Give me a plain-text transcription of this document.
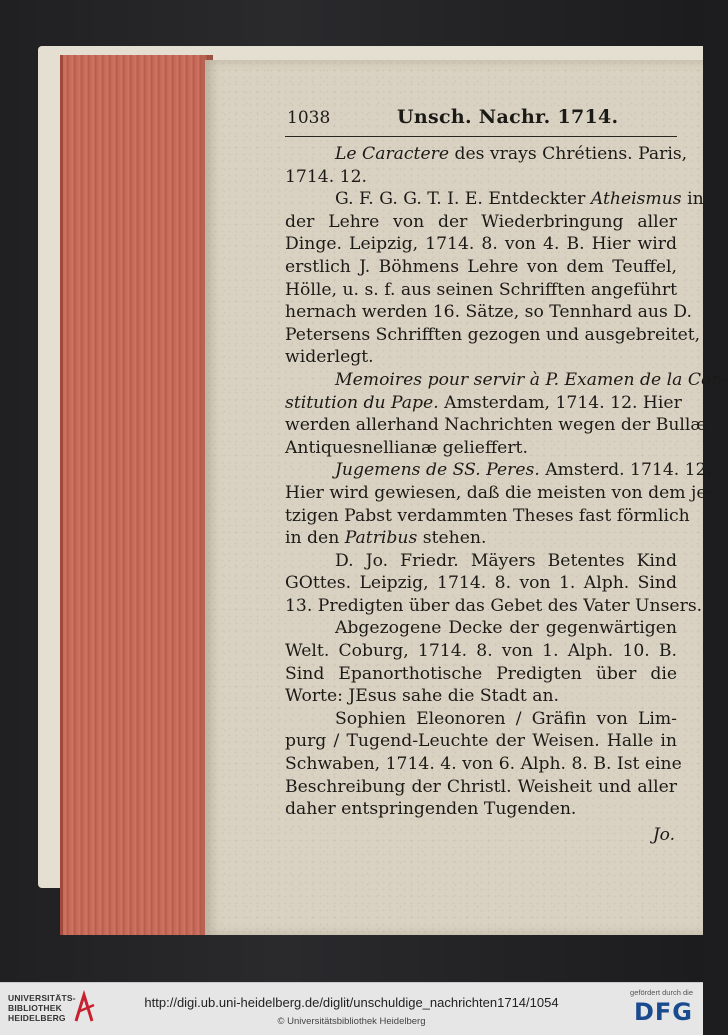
1038	Unsch. Nachr. 1714.
Le Caractere des vrays Chrétiens. Paris,
1714. 12.
G. F. G. G. T. I. E. Entdeckter Atheismus in
der Lehre von der Wiederbringung aller
Dinge. Leipzig, 1714. 8. von 4. B. Hier wird
erstlich J. Böhmens Lehre von dem Teuffel,
Hölle, u. s. f. aus seinen Schrifften angeführt
hernach werden 16. Sätze, so Tennhard aus D.
Petersens Schrifften gezogen und ausgebreitet,
widerlegt.
Memoires pour servir à P. Examen de la Con-
stitution du Pape. Amsterdam, 1714. 12. Hier
werden allerhand Nachrichten wegen der Bullæ
Antiquesnellianæ gelieffert.
Jugemens de SS. Peres. Amsterd. 1714. 12.
Hier wird gewiesen, daß die meisten von dem je-
tzigen Pabst verdammten Theses fast förmlich
in den Patribus stehen.
D. Jo. Friedr. Mäyers Betentes Kind
GOttes. Leipzig, 1714. 8. von 1. Alph. Sind
13. Predigten über das Gebet des Vater Unsers.
Abgezogene Decke der gegenwärtigen
Welt. Coburg, 1714. 8. von 1. Alph. 10. B.
Sind Epanorthotische Predigten über die
Worte: JEsus sahe die Stadt an.
Sophien Eleonoren / Gräfin von Lim-
purg / Tugend-Leuchte der Weisen. Halle in
Schwaben, 1714. 4. von 6. Alph. 8. B. Ist eine
Beschreibung der Christl. Weisheit und aller
daher entspringenden Tugenden.
Jo.
UNIVERSITÄTS-
BIBLIOTHEK
HEIDELBERG
http://digi.ub.uni-heidelberg.de/diglit/unschuldige_nachrichten1714/1054
© Universitätsbibliothek Heidelberg
gefördert durch die
DFG
